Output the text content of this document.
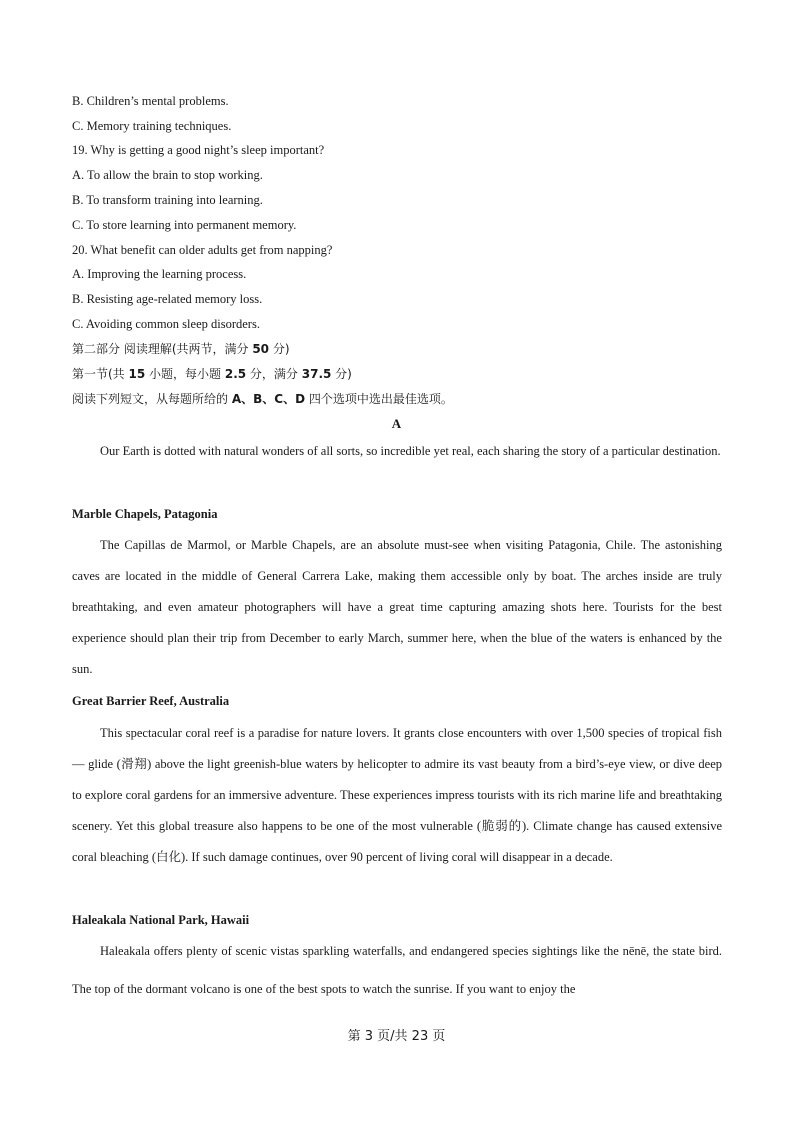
B. Children’s mental problems.
C. Memory training techniques.
19. Why is getting a good night’s sleep important?
A. To allow the brain to stop working.
B. To transform training into learning.
C. To store learning into permanent memory.
20. What benefit can older adults get from napping?
A. Improving the learning process.
B. Resisting age-related memory loss.
C. Avoiding common sleep disorders.
第二部分 阅读理解(共两节，满分 50 分)
第一节(共 15 小题，每小题 2.5 分，满分 37.5 分)
阅读下列短文，从每题所给的 A、B、C、D 四个选项中选出最佳选项。
A

Our Earth is dotted with natural wonders of all sorts, so incredible yet real, each sharing the story of a particular destination.

Marble Chapels, Patagonia

The Capillas de Marmol, or Marble Chapels, are an absolute must-see when visiting Patagonia, Chile. The astonishing caves are located in the middle of General Carrera Lake, making them accessible only by boat. The arches inside are truly breathtaking, and even amateur photographers will have a great time capturing amazing shots here. Tourists for the best experience should plan their trip from December to early March, summer here, when the blue of the waters is enhanced by the sun.

Great Barrier Reef, Australia

This spectacular coral reef is a paradise for nature lovers. It grants close encounters with over 1,500 species of tropical fish — glide (滑翔) above the light greenish-blue waters by helicopter to admire its vast beauty from a bird’s-eye view, or dive deep to explore coral gardens for an immersive adventure. These experiences impress tourists with its rich marine life and breathtaking scenery. Yet this global treasure also happens to be one of the most vulnerable (脆弱的). Climate change has caused extensive coral bleaching (白化). If such damage continues, over 90 percent of living coral will disappear in a decade.

Haleakala National Park, Hawaii

Haleakala offers plenty of scenic vistas sparkling waterfalls, and endangered species sightings like the nēnē, the state bird. The top of the dormant volcano is one of the best spots to watch the sunrise. If you want to enjoy the

第 3 页/共 23 页
